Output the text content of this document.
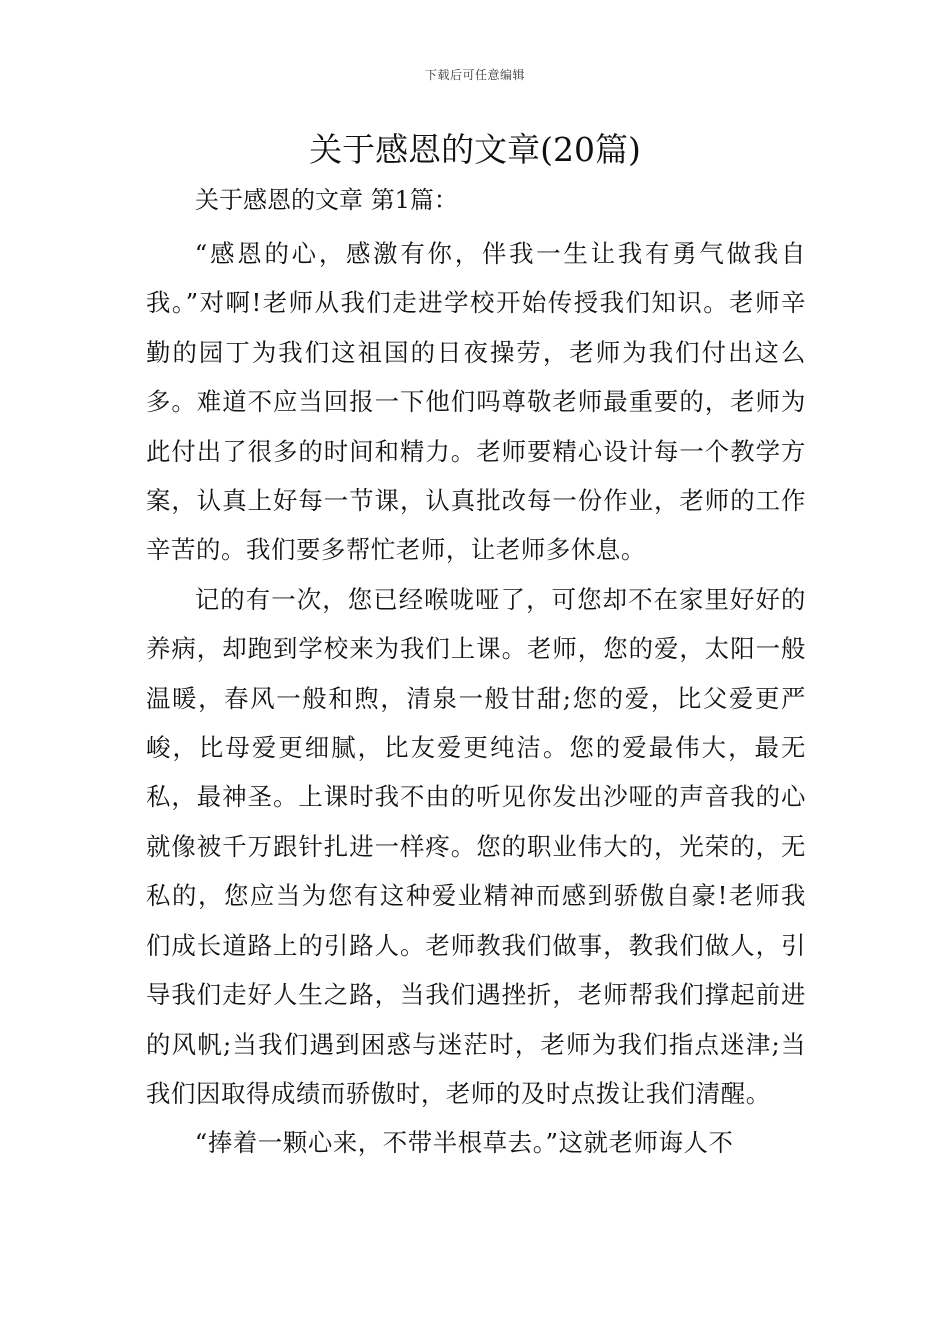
下载后可任意编辑
关于感恩的文章(20篇)
关于感恩的文章 第1篇：

“感恩的心，感激有你，伴我一生让我有勇气做我自我。”对啊!老师从我们走进学校开始传授我们知识。老师辛勤的园丁为我们这祖国的日夜操劳，老师为我们付出这么多。难道不应当回报一下他们吗尊敬老师最重要的，老师为此付出了很多的时间和精力。老师要精心设计每一个教学方案，认真上好每一节课，认真批改每一份作业，老师的工作辛苦的。我们要多帮忙老师，让老师多休息。

记的有一次，您已经喉咙哑了，可您却不在家里好好的养病，却跑到学校来为我们上课。老师，您的爱，太阳一般温暖，春风一般和煦，清泉一般甘甜;您的爱，比父爱更严峻，比母爱更细腻，比友爱更纯洁。您的爱最伟大，最无私，最神圣。上课时我不由的听见你发出沙哑的声音我的心就像被千万跟针扎进一样疼。您的职业伟大的，光荣的，无私的，您应当为您有这种爱业精神而感到骄傲自豪!老师我们成长道路上的引路人。老师教我们做事，教我们做人，引导我们走好人生之路，当我们遇挫折，老师帮我们撑起前进的风帆;当我们遇到困惑与迷茫时，老师为我们指点迷津;当我们因取得成绩而骄傲时，老师的及时点拨让我们清醒。

“捧着一颗心来，不带半根草去。”这就老师诲人不
